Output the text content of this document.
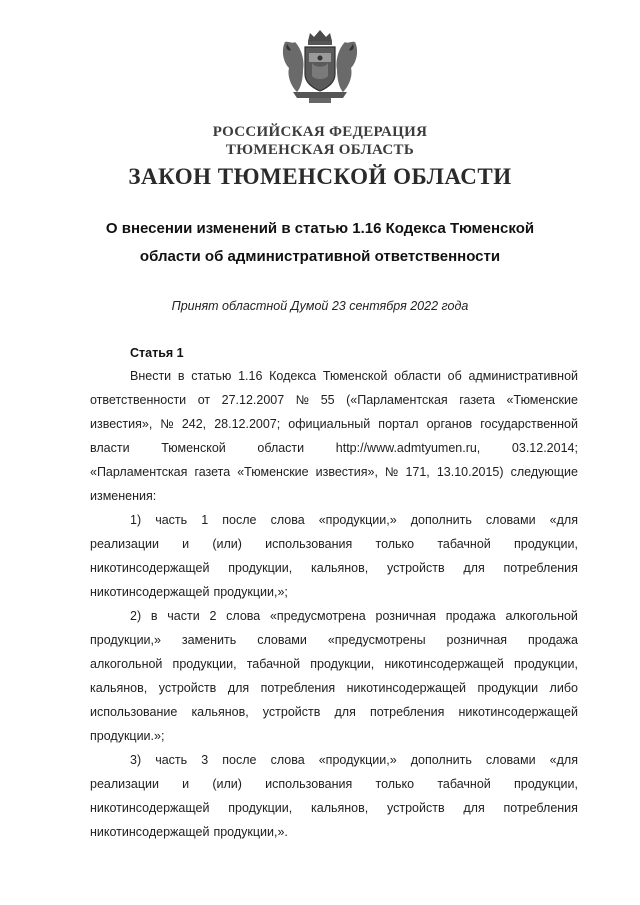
РОССИЙСКАЯ ФЕДЕРАЦИЯ
ТЮМЕНСКАЯ ОБЛАСТЬ
ЗАКОН ТЮМЕНСКОЙ ОБЛАСТИ
О внесении изменений в статью 1.16 Кодекса Тюменской
области об административной ответственности
Принят областной Думой 23 сентября 2022 года
Статья 1
Внести в статью 1.16 Кодекса Тюменской области об административной
ответственности от 27.12.2007 № 55 («Парламентская газета «Тюменские
известия», № 242, 28.12.2007; официальный портал органов государственной
власти	Тюменской	области	http://www.admtyumen.ru,	03.12.2014;
«Парламентская газета «Тюменские известия», № 171, 13.10.2015) следующие
изменения:
1) часть 1 после слова «продукции,» дополнить словами «для
реализации и (или) использования только табачной продукции,
никотинсодержащей продукции, кальянов, устройств для потребления
никотинсодержащей продукции,»;
2) в части 2 слова «предусмотрена розничная продажа алкогольной
продукции,» заменить словами «предусмотрены розничная продажа
алкогольной продукции, табачной продукции, никотинсодержащей продукции,
кальянов, устройств для потребления никотинсодержащей продукции либо
использование кальянов, устройств для потребления никотинсодержащей
продукции.»;
3) часть 3 после слова «продукции,» дополнить словами «для
реализации и (или) использования только табачной продукции,
никотинсодержащей продукции, кальянов, устройств для потребления
никотинсодержащей продукции,».
